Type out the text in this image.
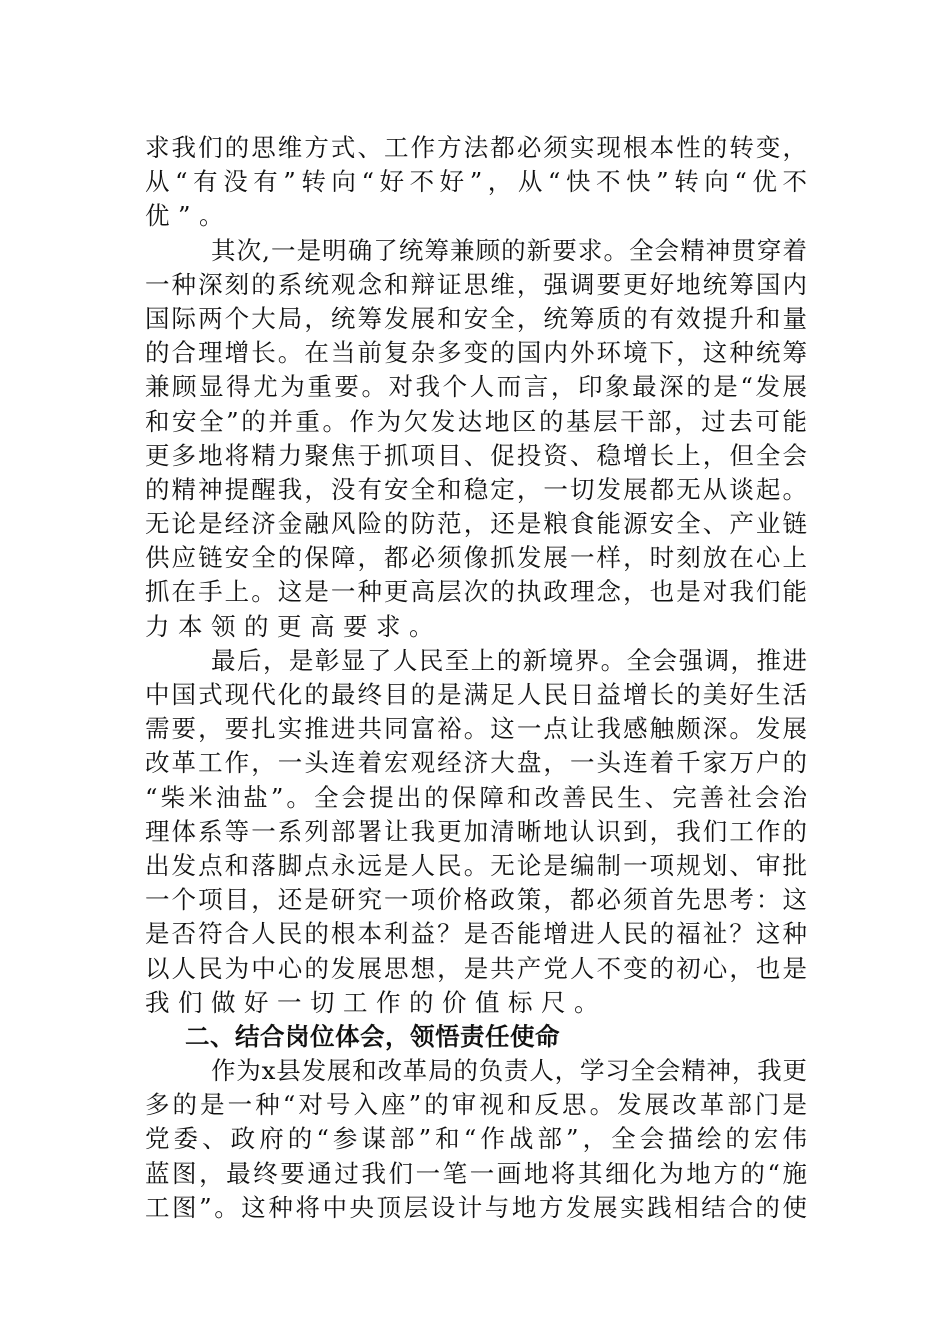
求我们的思维方式、工作方法都必须实现根本性的转变，
从“有没有”转向“好不好”，从“快不快”转向“优不
优”。
其次,一是明确了统筹兼顾的新要求。全会精神贯穿着
一种深刻的系统观念和辩证思维，强调要更好地统筹国内
国际两个大局，统筹发展和安全，统筹质的有效提升和量
的合理增长。在当前复杂多变的国内外环境下，这种统筹
兼顾显得尤为重要。对我个人而言，印象最深的是“发展
和安全”的并重。作为欠发达地区的基层干部，过去可能
更多地将精力聚焦于抓项目、促投资、稳增长上，但全会
的精神提醒我，没有安全和稳定，一切发展都无从谈起。
无论是经济金融风险的防范，还是粮食能源安全、产业链
供应链安全的保障，都必须像抓发展一样，时刻放在心上
抓在手上。这是一种更高层次的执政理念，也是对我们能
力本领的更高要求。
最后，是彰显了人民至上的新境界。全会强调，推进
中国式现代化的最终目的是满足人民日益增长的美好生活
需要，要扎实推进共同富裕。这一点让我感触颇深。发展
改革工作，一头连着宏观经济大盘，一头连着千家万户的
“柴米油盐”。全会提出的保障和改善民生、完善社会治
理体系等一系列部署让我更加清晰地认识到，我们工作的
出发点和落脚点永远是人民。无论是编制一项规划、审批
一个项目，还是研究一项价格政策，都必须首先思考：这
是否符合人民的根本利益？是否能增进人民的福祉？这种
以人民为中心的发展思想，是共产党人不变的初心，也是
我们做好一切工作的价值标尺。
二、结合岗位体会，领悟责任使命
作为x县发展和改革局的负责人，学习全会精神，我更
多的是一种“对号入座”的审视和反思。发展改革部门是
党委、政府的“参谋部”和“作战部”，全会描绘的宏伟
蓝图，最终要通过我们一笔一画地将其细化为地方的“施
工图”。这种将中央顶层设计与地方发展实践相结合的使
